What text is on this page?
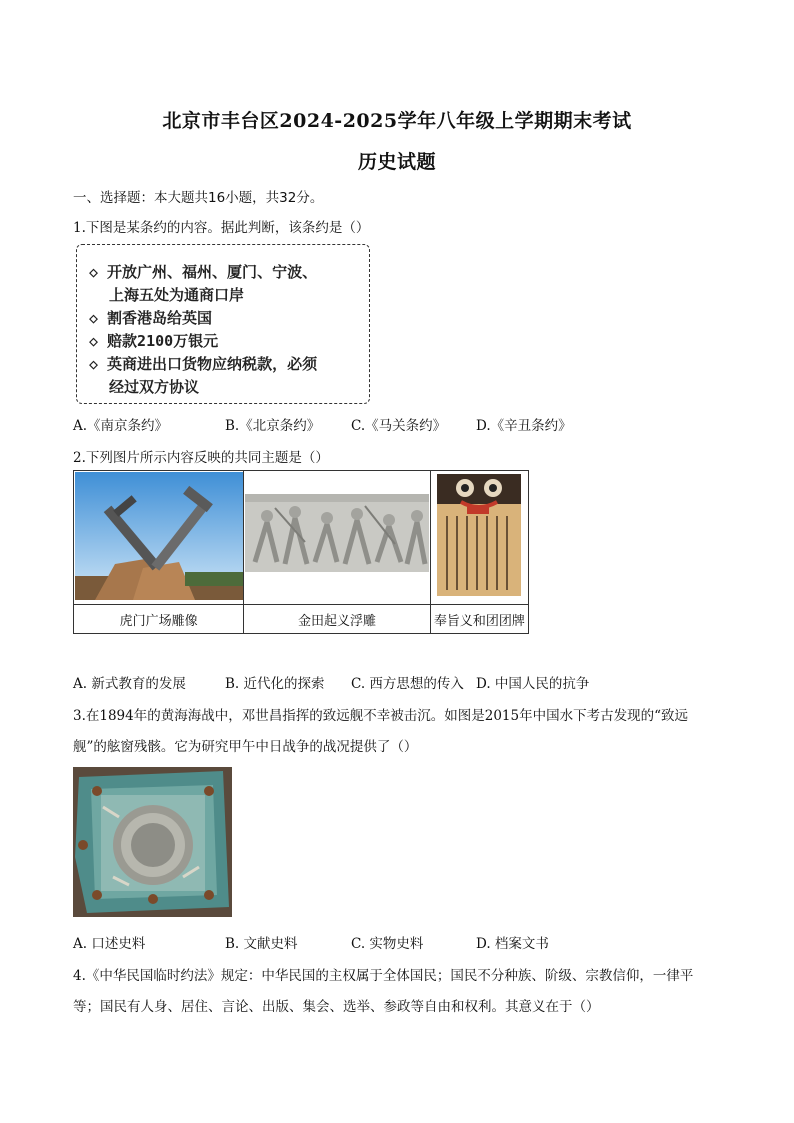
北京市丰台区2024-2025学年八年级上学期期末考试
历史试题
一、选择题：本大题共16小题，共32分。
1.下图是某条约的内容。据此判断，该条约是（）
◇ 开放广州、福州、厦门、宁波、
上海五处为通商口岸
◇ 割香港岛给英国
◇ 赔款2100万银元
◇ 英商进出口货物应纳税款，必须
经过双方协议
A.《南京条约》	B.《北京条约》 C.《马关条约》 D.《辛丑条约》
2.下列图片所示内容反映的共同主题是（）

虎门广场雕像	金田起义浮雕	奉旨义和团团牌
A. 新式教育的发展	B. 近代化的探索 C. 西方思想的传入 D. 中国人民的抗争
3.在1894年的黄海海战中，邓世昌指挥的致远舰不幸被击沉。如图是2015年中国水下考古发现的“致远
舰”的舷窗残骸。它为研究甲午中日战争的战况提供了（）
A. 口述史料	B. 文献史料	C. 实物史料	D. 档案文书
4.《中华民国临时约法》规定：中华民国的主权属于全体国民；国民不分种族、阶级、宗教信仰，一律平
等；国民有人身、居住、言论、出版、集会、选举、参政等自由和权利。其意义在于（）
